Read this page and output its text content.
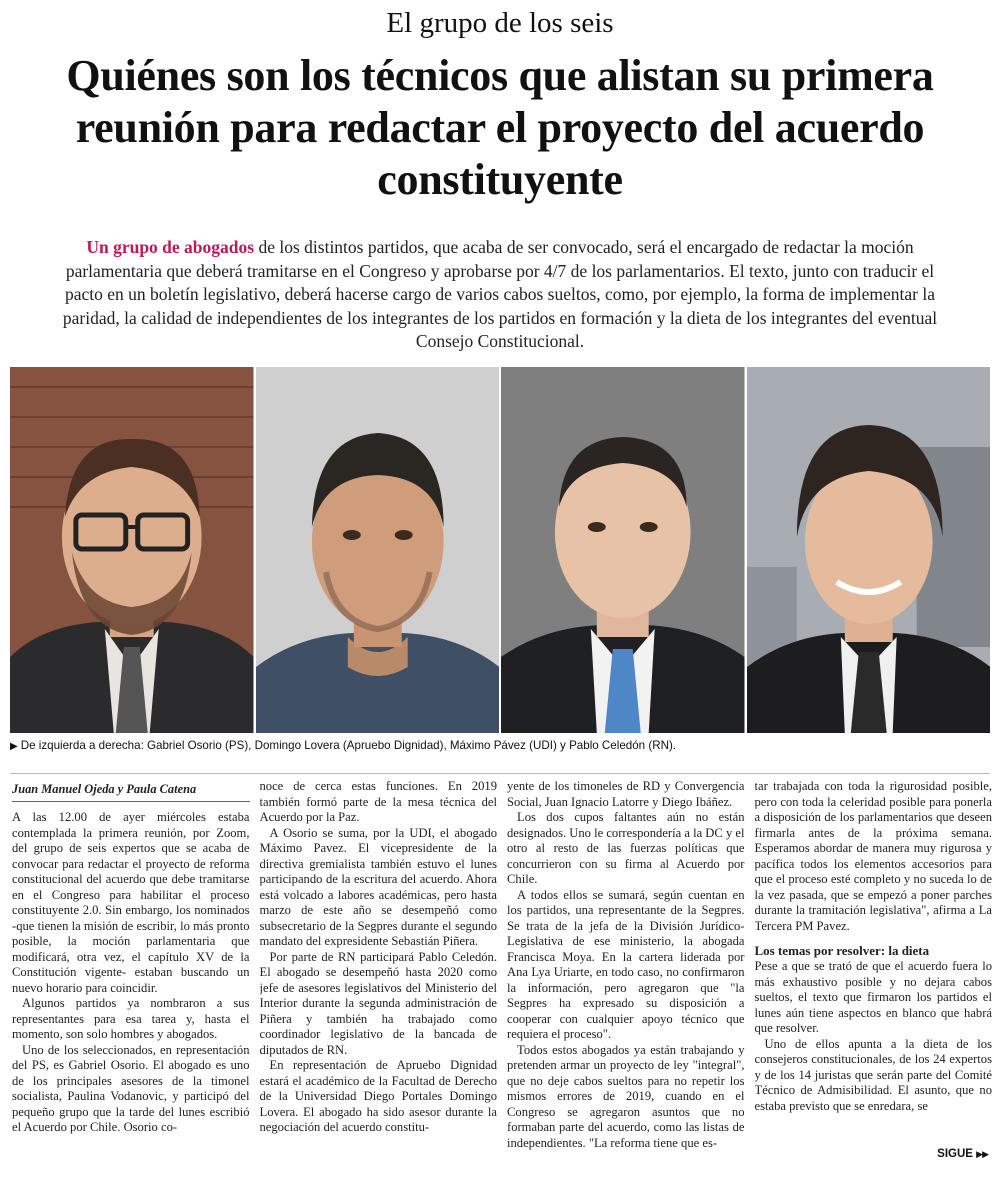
El grupo de los seis
Quiénes son los técnicos que alistan su primera reunión para redactar el proyecto del acuerdo constituyente

Un grupo de abogados de los distintos partidos, que acaba de ser convocado, será el encargado de redactar la moción parlamentaria que deberá tramitarse en el Congreso y aprobarse por 4/7 de los parlamentarios. El texto, junto con traducir el pacto en un boletín legislativo, deberá hacerse cargo de varios cabos sueltos, como, por ejemplo, la forma de implementar la paridad, la calidad de independientes de los integrantes de los partidos en formación y la dieta de los integrantes del eventual Consejo Constitucional.

▶ De izquierda a derecha: Gabriel Osorio (PS), Domingo Lovera (Apruebo Dignidad), Máximo Pávez (UDI) y Pablo Celedón (RN).
Juan Manuel Ojeda y Paula Catena

A las 12.00 de ayer miércoles estaba contemplada la primera reunión, por Zoom, del grupo de seis expertos que se acaba de convocar para redactar el proyecto de reforma constitucional del acuerdo que debe tramitarse en el Congreso para habilitar el proceso constituyente 2.0. Sin embargo, los nominados -que tienen la misión de escribir, lo más pronto posible, la moción parlamentaria que modificará, otra vez, el capítulo XV de la Constitución vigente- estaban buscando un nuevo horario para coincidir.

Algunos partidos ya nombraron a sus representantes para esa tarea y, hasta el momento, son solo hombres y abogados.

Uno de los seleccionados, en representación del PS, es Gabriel Osorio. El abogado es uno de los principales asesores de la timonel socialista, Paulina Vodanovic, y participó del pequeño grupo que la tarde del lunes escribió el Acuerdo por Chile. Osorio co-

noce de cerca estas funciones. En 2019 también formó parte de la mesa técnica del Acuerdo por la Paz.

A Osorio se suma, por la UDI, el abogado Máximo Pavez. El vicepresidente de la directiva gremialista también estuvo el lunes participando de la escritura del acuerdo. Ahora está volcado a labores académicas, pero hasta marzo de este año se desempeñó como subsecretario de la Segpres durante el segundo mandato del expresidente Sebastián Piñera.

Por parte de RN participará Pablo Celedón. El abogado se desempeñó hasta 2020 como jefe de asesores legislativos del Ministerio del Interior durante la segunda administración de Piñera y también ha trabajado como coordinador legislativo de la bancada de diputados de RN.

En representación de Apruebo Dignidad estará el académico de la Facultad de Derecho de la Universidad Diego Portales Domingo Lovera. El abogado ha sido asesor durante la negociación del acuerdo constitu-

yente de los timoneles de RD y Convergencia Social, Juan Ignacio Latorre y Diego Ibáñez.

Los dos cupos faltantes aún no están designados. Uno le correspondería a la DC y el otro al resto de las fuerzas políticas que concurrieron con su firma al Acuerdo por Chile.

A todos ellos se sumará, según cuentan en los partidos, una representante de la Segpres. Se trata de la jefa de la División Jurídico-Legislativa de ese ministerio, la abogada Francisca Moya. En la cartera liderada por Ana Lya Uriarte, en todo caso, no confirmaron la información, pero agregaron que "la Segpres ha expresado su disposición a cooperar con cualquier apoyo técnico que requiera el proceso".

Todos estos abogados ya están trabajando y pretenden armar un proyecto de ley "integral", que no deje cabos sueltos para no repetir los mismos errores de 2019, cuando en el Congreso se agregaron asuntos que no formaban parte del acuerdo, como las listas de independientes. "La reforma tiene que es-

tar trabajada con toda la rigurosidad posible, pero con toda la celeridad posible para ponerla a disposición de los parlamentarios que deseen firmarla antes de la próxima semana. Esperamos abordar de manera muy rigurosa y pacífica todos los elementos accesorios para que el proceso esté completo y no suceda lo de la vez pasada, que se empezó a poner parches durante la tramitación legislativa", afirma a La Tercera PM Pavez.

Los temas por resolver: la dieta

Pese a que se trató de que el acuerdo fuera lo más exhaustivo posible y no dejara cabos sueltos, el texto que firmaron los partidos el lunes aún tiene aspectos en blanco que habrá que resolver.

Uno de ellos apunta a la dieta de los consejeros constitucionales, de los 24 expertos y de los 14 juristas que serán parte del Comité Técnico de Admisibilidad. El asunto, que no estaba previsto que se enredara, se

SIGUE ▶▶
